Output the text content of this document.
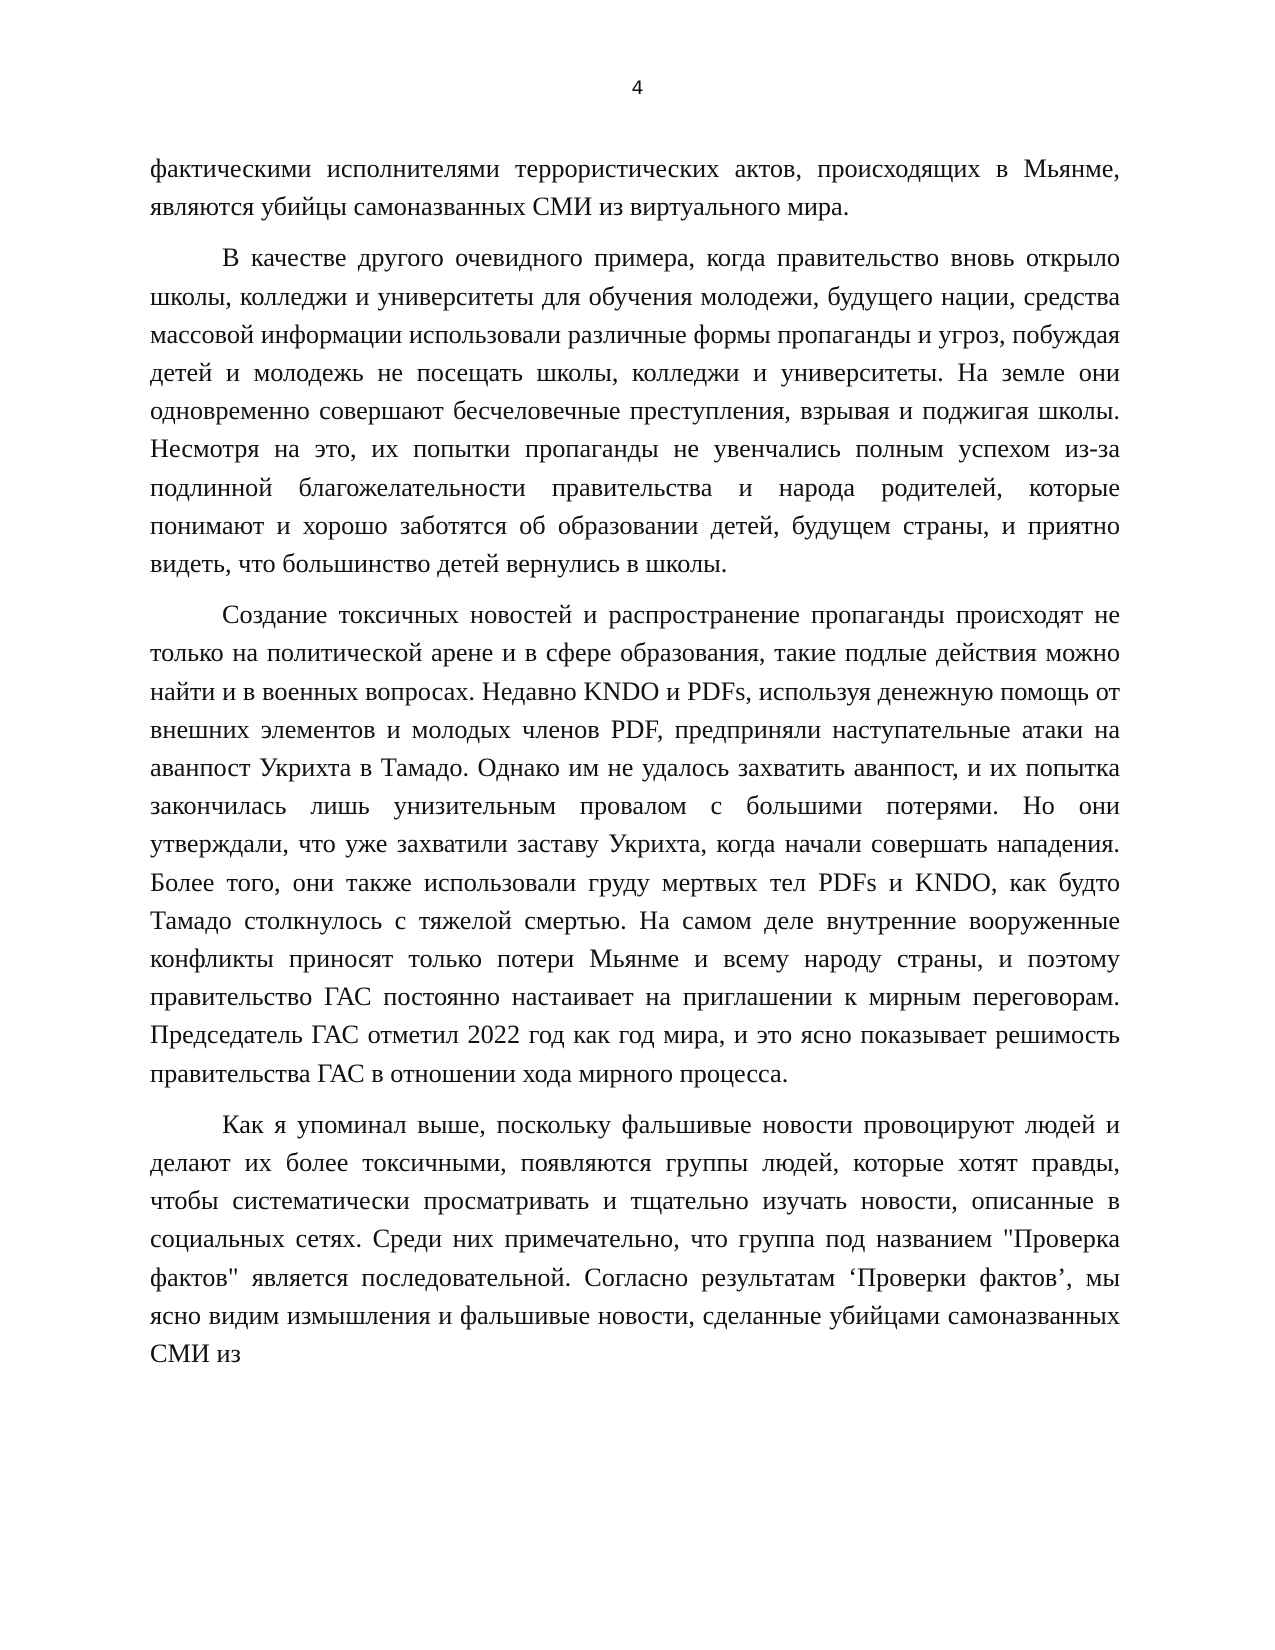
4

фактическими исполнителями террористических актов, происходящих в Мьянме, являются убийцы самоназванных СМИ из виртуального мира.

В качестве другого очевидного примера, когда правительство вновь открыло школы, колледжи и университеты для обучения молодежи, будущего нации, средства массовой информации использовали различные формы пропаганды и угроз, побуждая детей и молодежь не посещать школы, колледжи и университеты. На земле они одновременно совершают бесчеловечные преступления, взрывая и поджигая школы. Несмотря на это, их попытки пропаганды не увенчались полным успехом из-за подлинной благожелательности правительства и народа родителей, которые понимают и хорошо заботятся об образовании детей, будущем страны, и приятно видеть, что большинство детей вернулись в школы.

Создание токсичных новостей и распространение пропаганды происходят не только на политической арене и в сфере образования, такие подлые действия можно найти и в военных вопросах. Недавно KNDO и PDFs, используя денежную помощь от внешних элементов и молодых членов PDF, предприняли наступательные атаки на аванпост Укрихта в Тамадо. Однако им не удалось захватить аванпост, и их попытка закончилась лишь унизительным провалом с большими потерями. Но они утверждали, что уже захватили заставу Укрихта, когда начали совершать нападения. Более того, они также использовали груду мертвых тел PDFs и KNDO, как будто Тамадо столкнулось с тяжелой смертью. На самом деле внутренние вооруженные конфликты приносят только потери Мьянме и всему народу страны, и поэтому правительство ГАС постоянно настаивает на приглашении к мирным переговорам. Председатель ГАС отметил 2022 год как год мира, и это ясно показывает решимость правительства ГАС в отношении хода мирного процесса.

Как я упоминал выше, поскольку фальшивые новости провоцируют людей и делают их более токсичными, появляются группы людей, которые хотят правды, чтобы систематически просматривать и тщательно изучать новости, описанные в социальных сетях. Среди них примечательно, что группа под названием "Проверка фактов" является последовательной. Согласно результатам ‘Проверки фактов’, мы ясно видим измышления и фальшивые новости, сделанные убийцами самоназванных СМИ из
